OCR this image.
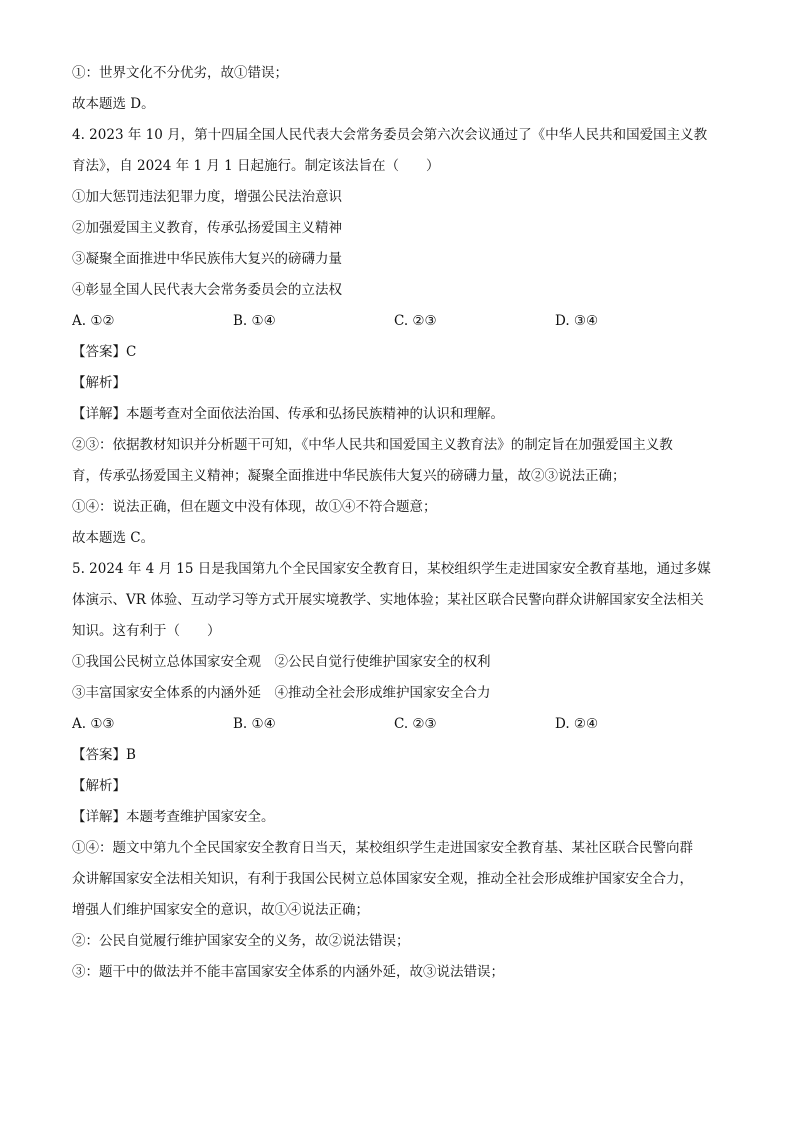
①：世界文化不分优劣，故①错误；
故本题选 D。
4. 2023 年 10 月，第十四届全国人民代表大会常务委员会第六次会议通过了《中华人民共和国爱国主义教
育法》，自 2024 年 1 月 1 日起施行。制定该法旨在（　　）
①加大惩罚违法犯罪力度，增强公民法治意识
②加强爱国主义教育，传承弘扬爱国主义精神
③凝聚全面推进中华民族伟大复兴的磅礴力量
④彰显全国人民代表大会常务委员会的立法权
A. ①②	B. ①④	C. ②③	D. ③④
【答案】C
【解析】
【详解】本题考查对全面依法治国、传承和弘扬民族精神的认识和理解。
②③：依据教材知识并分析题干可知，《中华人民共和国爱国主义教育法》的制定旨在加强爱国主义教
育，传承弘扬爱国主义精神；凝聚全面推进中华民族伟大复兴的磅礴力量，故②③说法正确；
①④：说法正确，但在题文中没有体现，故①④不符合题意；
故本题选 C。
5. 2024 年 4 月 15 日是我国第九个全民国家安全教育日，某校组织学生走进国家安全教育基地，通过多媒
体演示、VR 体验、互动学习等方式开展实境教学、实地体验；某社区联合民警向群众讲解国家安全法相关
知识。这有利于（　　）
①我国公民树立总体国家安全观　②公民自觉行使维护国家安全的权利
③丰富国家安全体系的内涵外延　④推动全社会形成维护国家安全合力
A. ①③	B. ①④	C. ②③	D. ②④
【答案】B
【解析】
【详解】本题考查维护国家安全。
①④：题文中第九个全民国家安全教育日当天，某校组织学生走进国家安全教育基、某社区联合民警向群
众讲解国家安全法相关知识，有利于我国公民树立总体国家安全观，推动全社会形成维护国家安全合力，
增强人们维护国家安全的意识，故①④说法正确；
②：公民自觉履行维护国家安全的义务，故②说法错误；
③：题干中的做法并不能丰富国家安全体系的内涵外延，故③说法错误；
